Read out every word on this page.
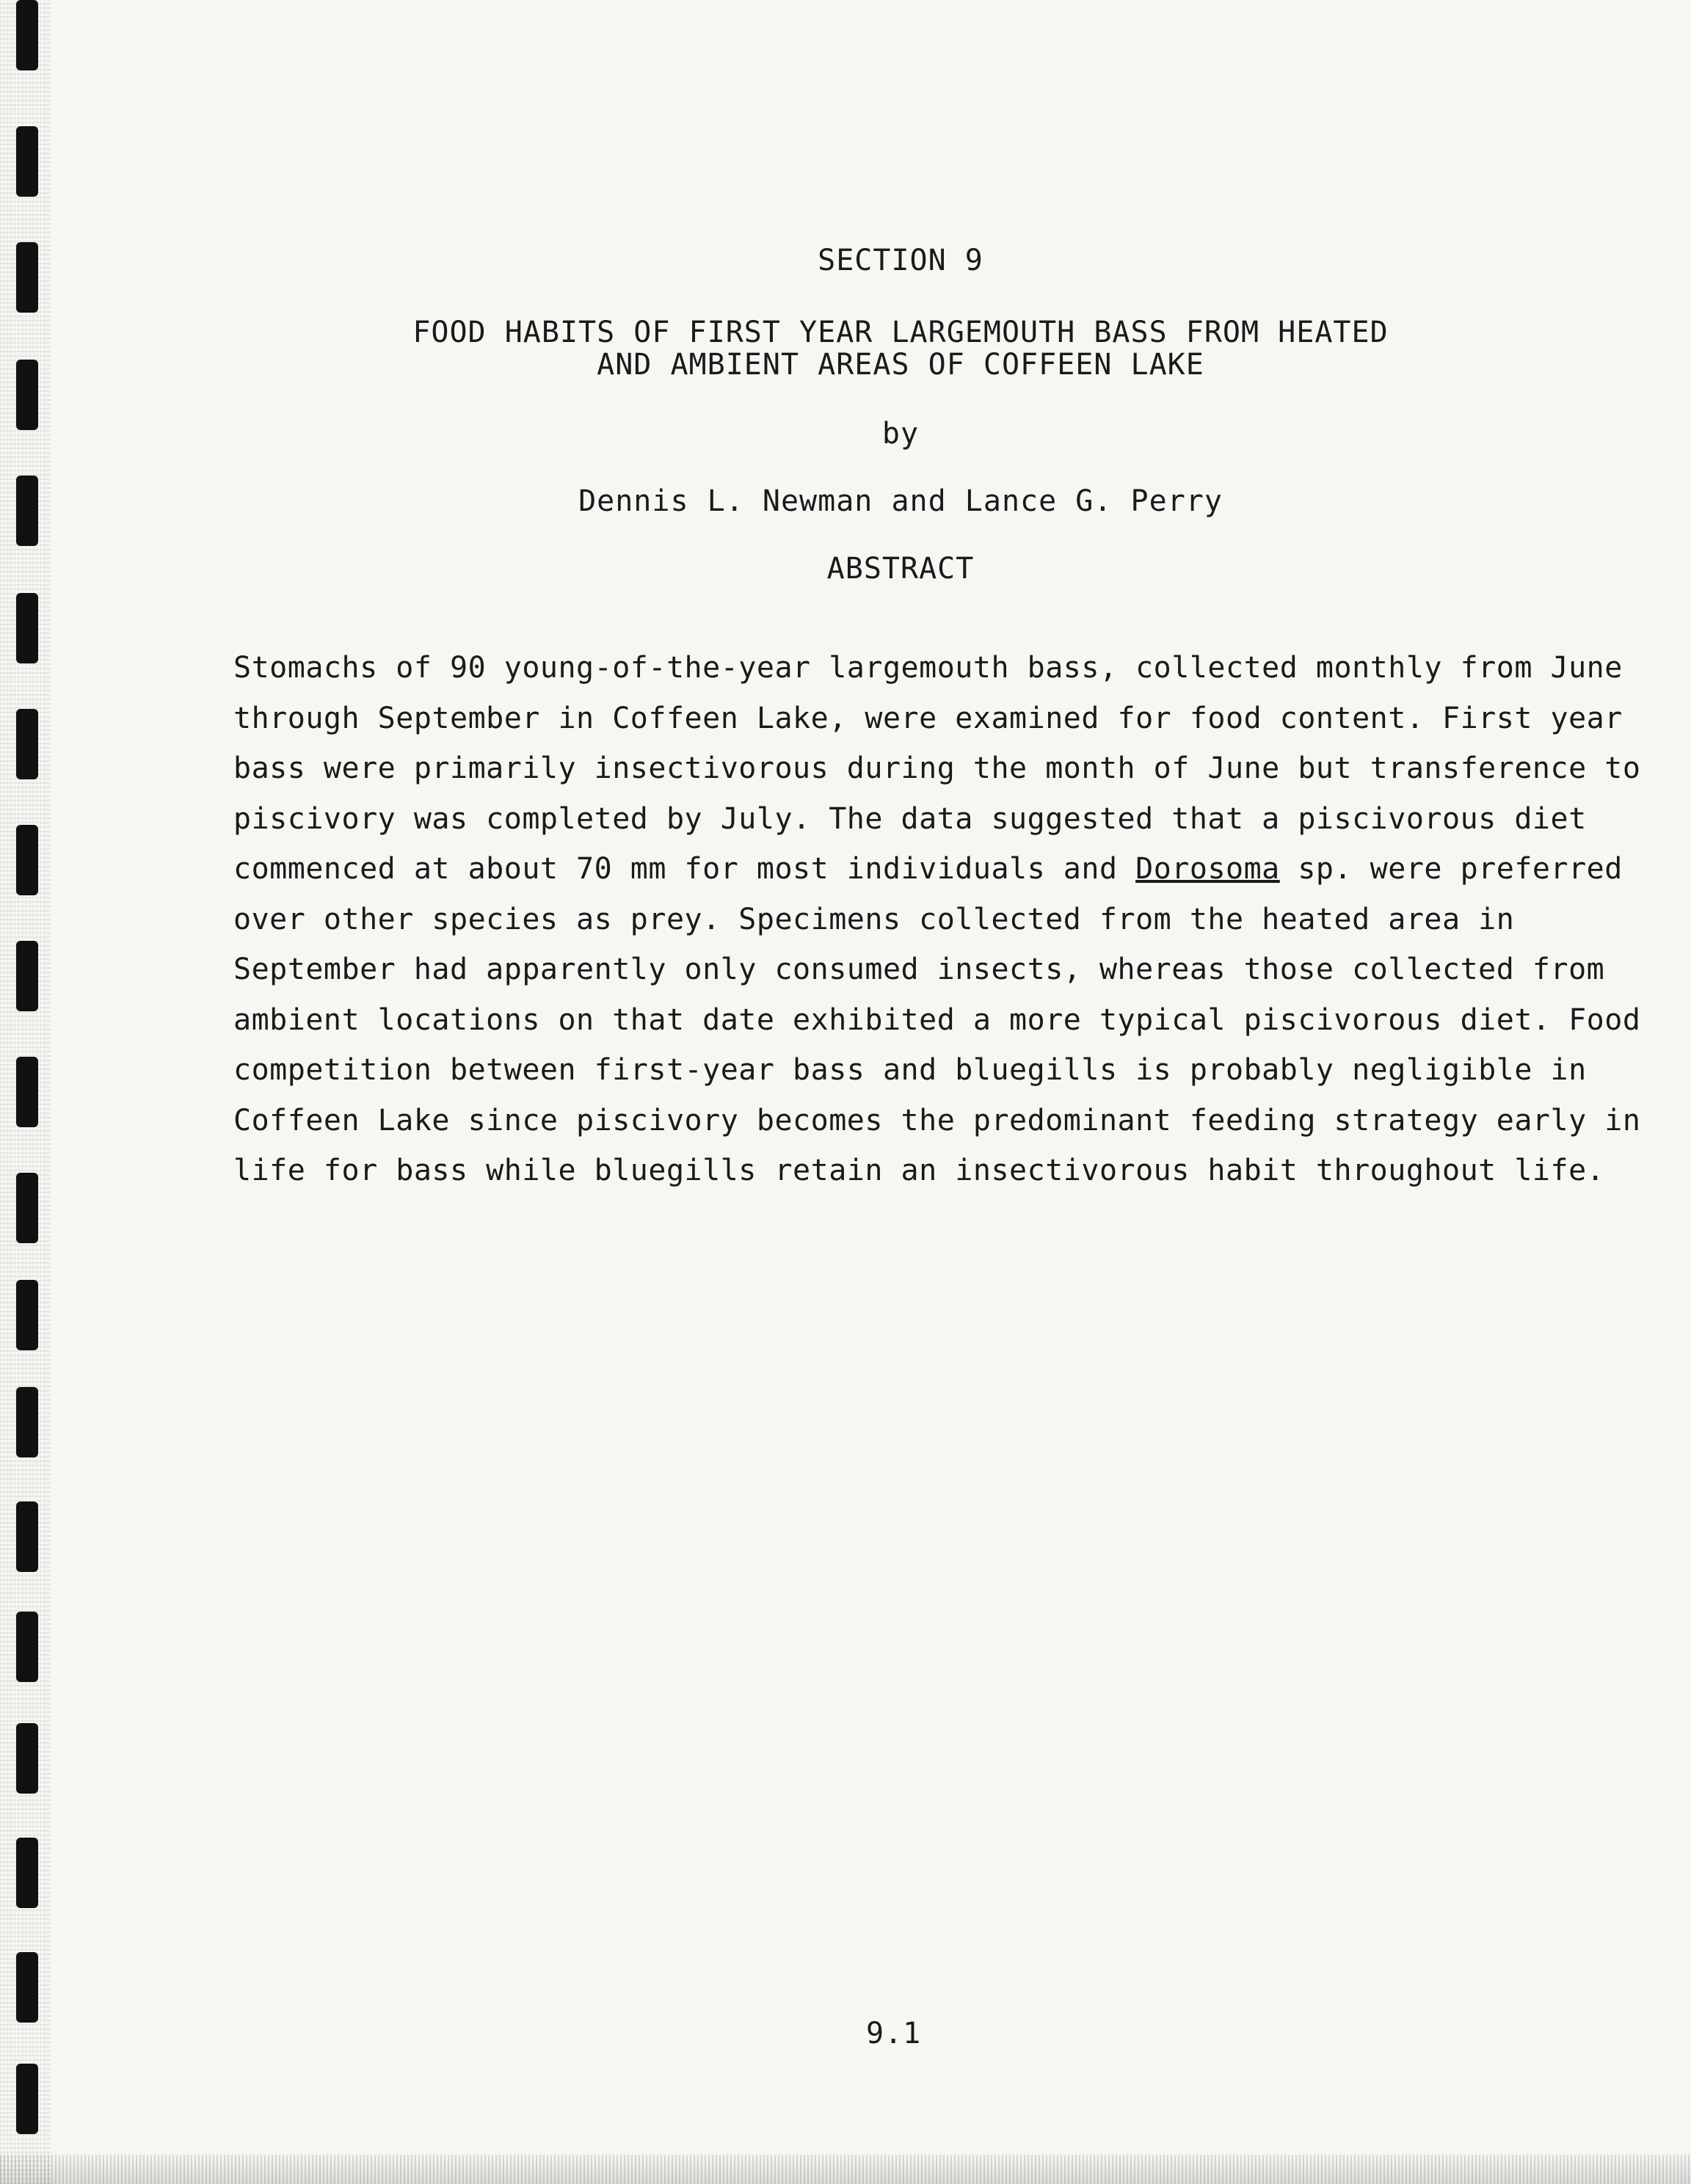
SECTION 9
FOOD HABITS OF FIRST YEAR LARGEMOUTH BASS FROM HEATED
AND AMBIENT AREAS OF COFFEEN LAKE
by
Dennis L. Newman and Lance G. Perry
ABSTRACT
Stomachs of 90 young-of-the-year largemouth bass, collected monthly from June
through September in Coffeen Lake, were examined for food content. First year
bass were primarily insectivorous during the month of June but transference to
piscivory was completed by July. The data suggested that a piscivorous diet
commenced at about 70 mm for most individuals and Dorosoma sp. were preferred
over other species as prey. Specimens collected from the heated area in
September had apparently only consumed insects, whereas those collected from
ambient locations on that date exhibited a more typical piscivorous diet. Food
competition between first-year bass and bluegills is probably negligible in
Coffeen Lake since piscivory becomes the predominant feeding strategy early in
life for bass while bluegills retain an insectivorous habit throughout life.
9.1
